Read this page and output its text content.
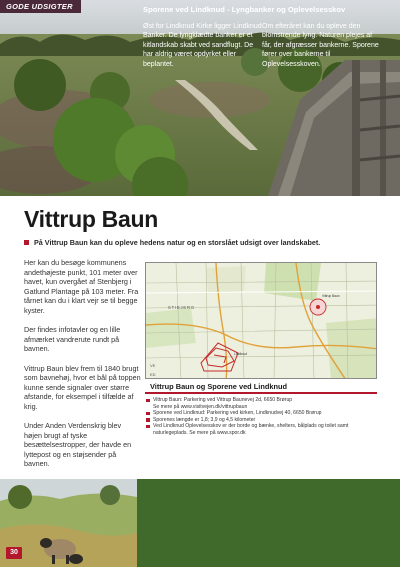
GODE UDSIGTER
Vittrup Baun

På Vittrup Baun kan du opleve hedens natur og en storslået udsigt over landskabet.

Her kan du besøge kommunens andethøjeste punkt, 101 meter over havet, kun overgået af Stenbjerg i Gatlund Plantage på 103 meter. Fra tårnet kan du i klart vejr se til begge kyster.

Der findes infotavler og en lille afmærket vandrerute rundt på bavnen.

Vittrup Baun blev frem til 1840 brugt som bavnehøj, hvor et bål på toppen kunne sende signaler over større afstande, for eksempel i tilfælde af krig.

Under Anden Verdenskrig blev højen brugt af tyske besættelsestropper, der havde en lyttepost og en støjsender på bavnen.

STIBJERG
Vittrup Baun
Lindkrud
VE
ED
Vittrup Baun og Sporene ved Lindknud
Vittrup Baun: Parkering ved Vittrup Baunevej 2d, 6650 Brørup
Se mere på www.visitvejen.dk/vittrupbaun
Sporene ved Lindknud: Parkering ved kirken, Lindknudvej 40, 6650 Brørup
Sporenes længde er 1,8; 3,9 og 4,5 kilometer
Ved Lindknud Oplevelsesskov er der borde og bænke, shelters, bålplads og toilet samt naturlegeplads. Se mere på www.spor.dk
Sporene ved Lindknud - Lyngbanker og Oplevelsesskov
Øst for Lindknud Kirke ligger Lindknud Banker. De lyngklædte banker er et kitlandskab skabt ved sandflugt. De har aldrig været opdyrket eller beplantet.
Om efteråret kan du opleve den blomstrende lyng. Naturen plejes af får, der afgræsser bankerne. Sporene fører over bankerne til Oplevelsesskoven.
30
